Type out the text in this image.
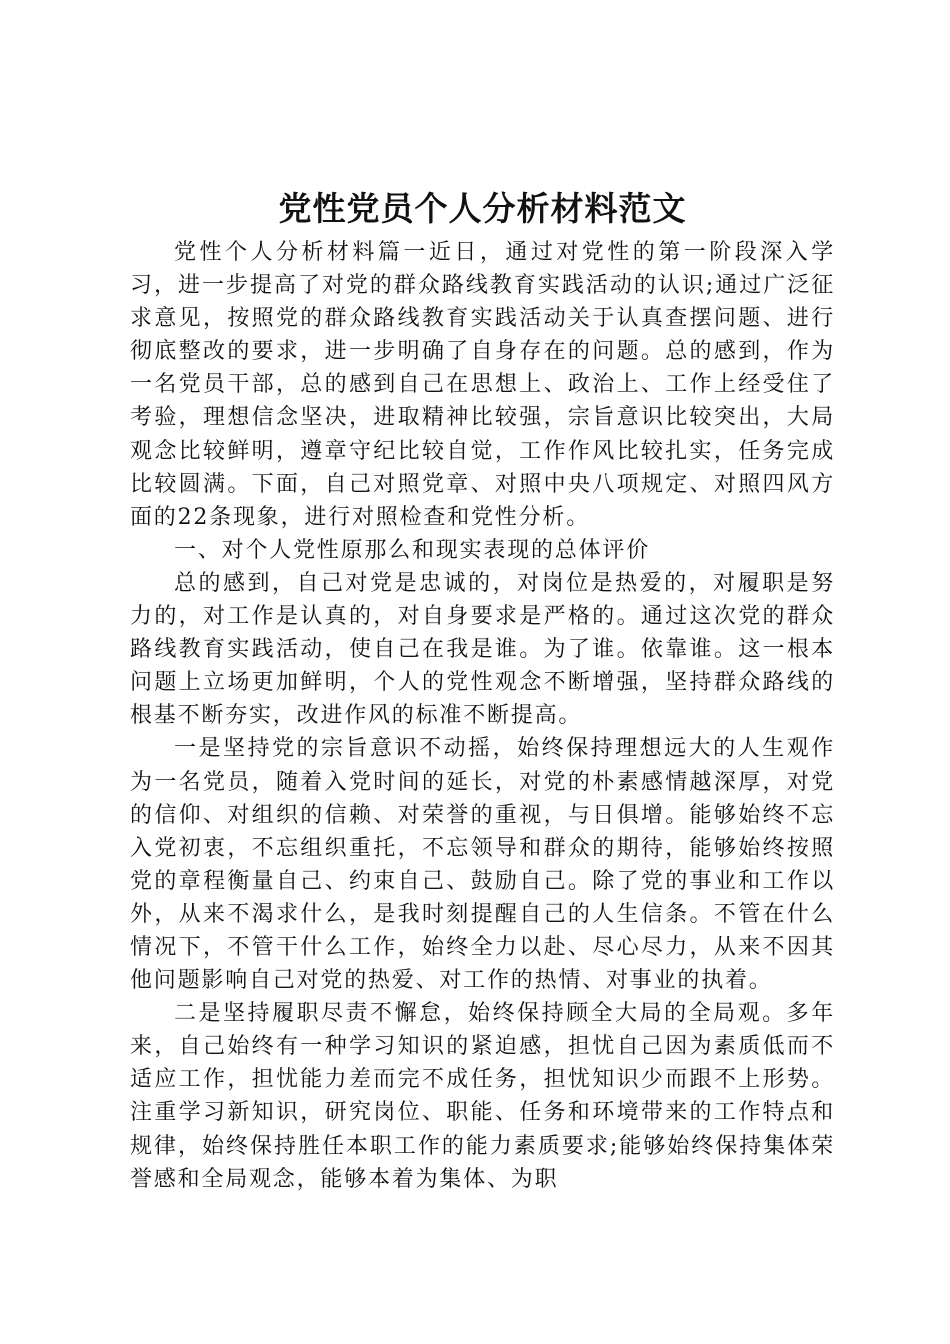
党性党员个人分析材料范文

党性个人分析材料篇一近日，通过对党性的第一阶段深入学习，进一步提高了对党的群众路线教育实践活动的认识;通过广泛征求意见，按照党的群众路线教育实践活动关于认真查摆问题、进行彻底整改的要求，进一步明确了自身存在的问题。总的感到，作为一名党员干部，总的感到自己在思想上、政治上、工作上经受住了考验，理想信念坚决，进取精神比较强，宗旨意识比较突出，大局观念比较鲜明，遵章守纪比较自觉，工作作风比较扎实，任务完成比较圆满。下面，自己对照党章、对照中央八项规定、对照四风方面的22条现象，进行对照检查和党性分析。

一、对个人党性原那么和现实表现的总体评价

总的感到，自己对党是忠诚的，对岗位是热爱的，对履职是努力的，对工作是认真的，对自身要求是严格的。通过这次党的群众路线教育实践活动，使自己在我是谁。为了谁。依靠谁。这一根本问题上立场更加鲜明，个人的党性观念不断增强，坚持群众路线的根基不断夯实，改进作风的标准不断提高。

一是坚持党的宗旨意识不动摇，始终保持理想远大的人生观作为一名党员，随着入党时间的延长，对党的朴素感情越深厚，对党的信仰、对组织的信赖、对荣誉的重视，与日俱增。能够始终不忘入党初衷，不忘组织重托，不忘领导和群众的期待，能够始终按照党的章程衡量自己、约束自己、鼓励自己。除了党的事业和工作以外，从来不渴求什么，是我时刻提醒自己的人生信条。不管在什么情况下，不管干什么工作，始终全力以赴、尽心尽力，从来不因其他问题影响自己对党的热爱、对工作的热情、对事业的执着。

二是坚持履职尽责不懈怠，始终保持顾全大局的全局观。多年来，自己始终有一种学习知识的紧迫感，担忧自己因为素质低而不适应工作，担忧能力差而完不成任务，担忧知识少而跟不上形势。注重学习新知识，研究岗位、职能、任务和环境带来的工作特点和规律，始终保持胜任本职工作的能力素质要求;能够始终保持集体荣誉感和全局观念，能够本着为集体、为职
